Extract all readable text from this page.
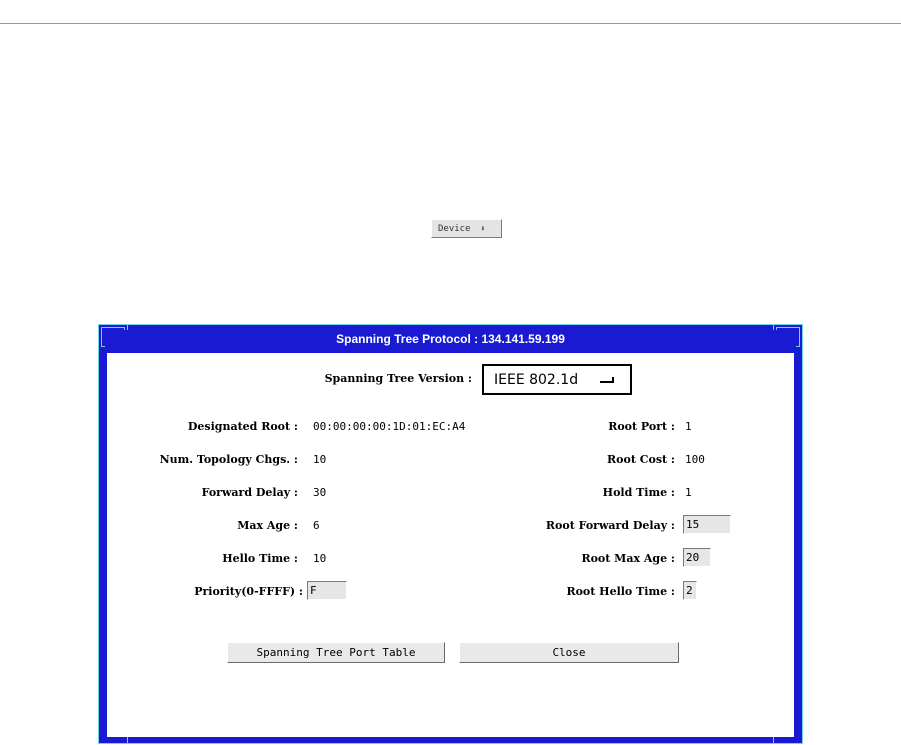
Device ⬍
Spanning Tree Protocol : 134.141.59.199
Spanning Tree Version : IEEE 802.1d
Designated Root :
Num. Topology Chgs. :
Forward Delay :
Max Age :
Hello Time :
Priority(0-FFFF) :
00:00:00:00:1D:01:EC:A4
10
30
6
10
F
Root Port :
Root Cost :
Hold Time :
Root Forward Delay :
Root Max Age :
Root Hello Time :
1
100
1
15
20
2
Spanning Tree Port Table	Close
